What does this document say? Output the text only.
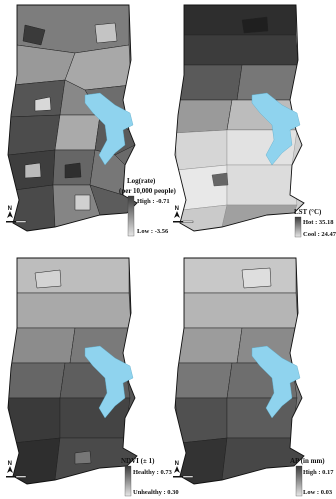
N
Log(rate)
(per 10,000 people)
High : -0.71
Low : -3.56
N	LST (°C)
Hot : 35.18
Cool : 24.47
N	NDVI (± 1)
Healthy : 0.73
Unhealthy : 0.30
N	AP (in mm)
High : 0.17
Low : 0.03
